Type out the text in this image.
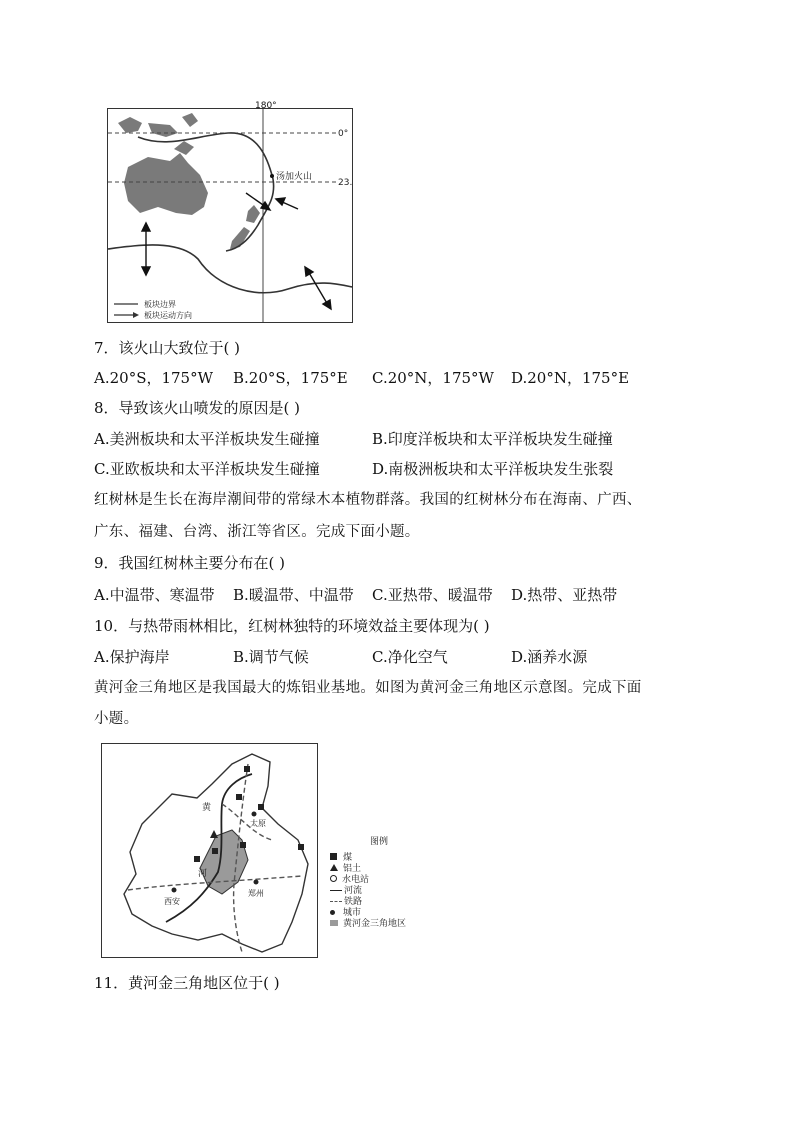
0°
23
汤加火山
板块边界
板块运动方向
180°
7．该火山大致位于( )
A.20°S，175°W B.20°S，175°E C.20°N，175°W D.20°N，175°E
8．导致该火山喷发的原因是( )
A.美洲板块和太平洋板块发生碰撞	B.印度洋板块和太平洋板块发生碰撞
C.亚欧板块和太平洋板块发生碰撞	D.南极洲板块和太平洋板块发生张裂
红树林是生长在海岸潮间带的常绿木本植物群落。我国的红树林分布在海南、广西、
广东、福建、台湾、浙江等省区。完成下面小题。
9．我国红树林主要分布在( )
A.中温带、寒温带 B.暖温带、中温带 C.亚热带、暖温带 D.热带、亚热带
10．与热带雨林相比，红树林独特的环境效益主要体现为( )
A.保护海岸	B.调节气候	C.净化空气	D.涵养水源
黄河金三角地区是我国最大的炼铝业基地。如图为黄河金三角地区示意图。完成下面
小题。
西安
郑州
太原
黄
河
图例
煤
铝土
水电站
河流
铁路
城市
黄河金三角地区
11．黄河金三角地区位于( )
